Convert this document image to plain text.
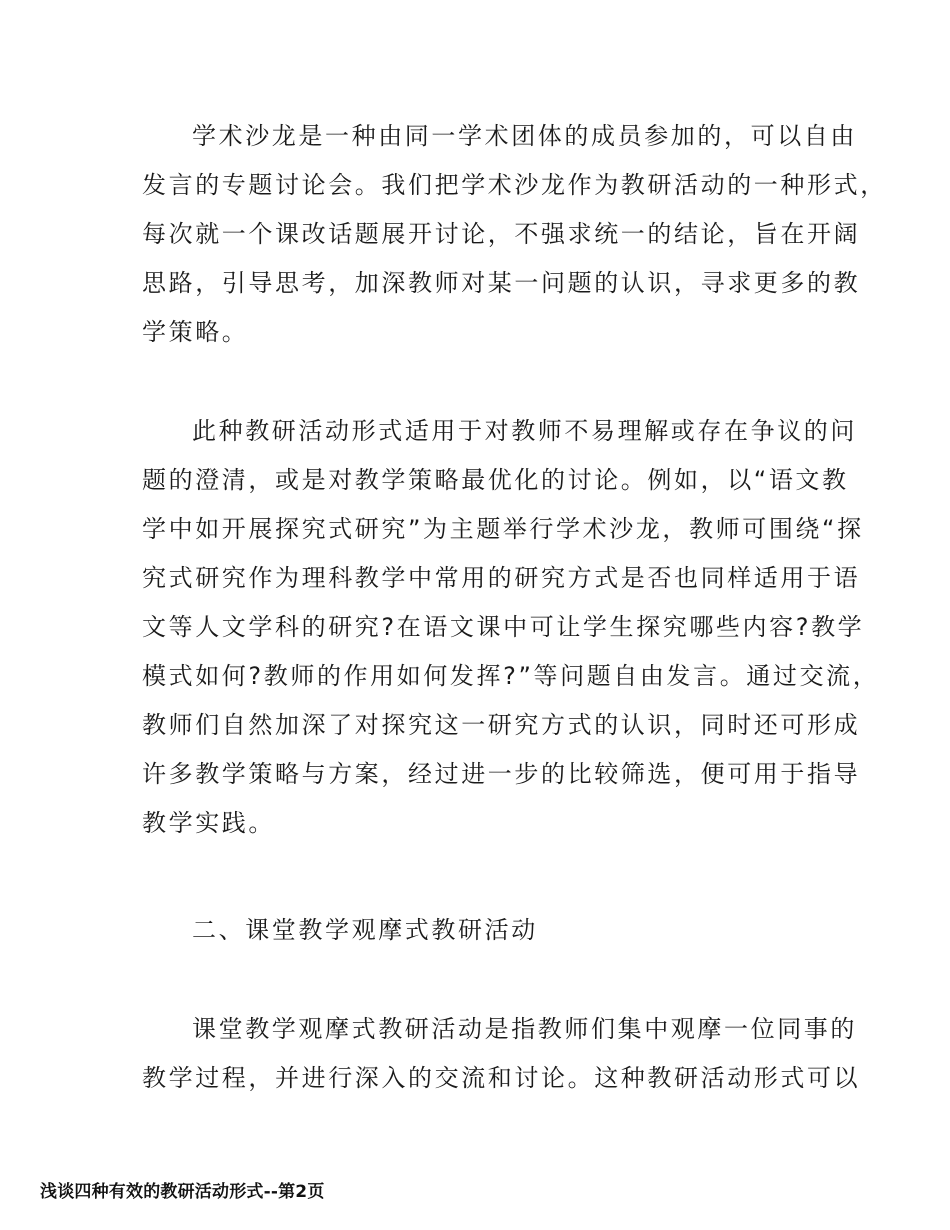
学术沙龙是一种由同一学术团体的成员参加的，可以自由
发言的专题讨论会。我们把学术沙龙作为教研活动的一种形式，
每次就一个课改话题展开讨论，不强求统一的结论，旨在开阔
思路，引导思考，加深教师对某一问题的认识，寻求更多的教
学策略。
此种教研活动形式适用于对教师不易理解或存在争议的问
题的澄清，或是对教学策略最优化的讨论。例如，以“语文教
学中如开展探究式研究”为主题举行学术沙龙，教师可围绕“探
究式研究作为理科教学中常用的研究方式是否也同样适用于语
文等人文学科的研究?在语文课中可让学生探究哪些内容?教学
模式如何?教师的作用如何发挥?”等问题自由发言。通过交流，
教师们自然加深了对探究这一研究方式的认识，同时还可形成
许多教学策略与方案，经过进一步的比较筛选，便可用于指导
教学实践。
二、课堂教学观摩式教研活动
课堂教学观摩式教研活动是指教师们集中观摩一位同事的
教学过程，并进行深入的交流和讨论。这种教研活动形式可以
浅谈四种有效的教研活动形式--第2页
